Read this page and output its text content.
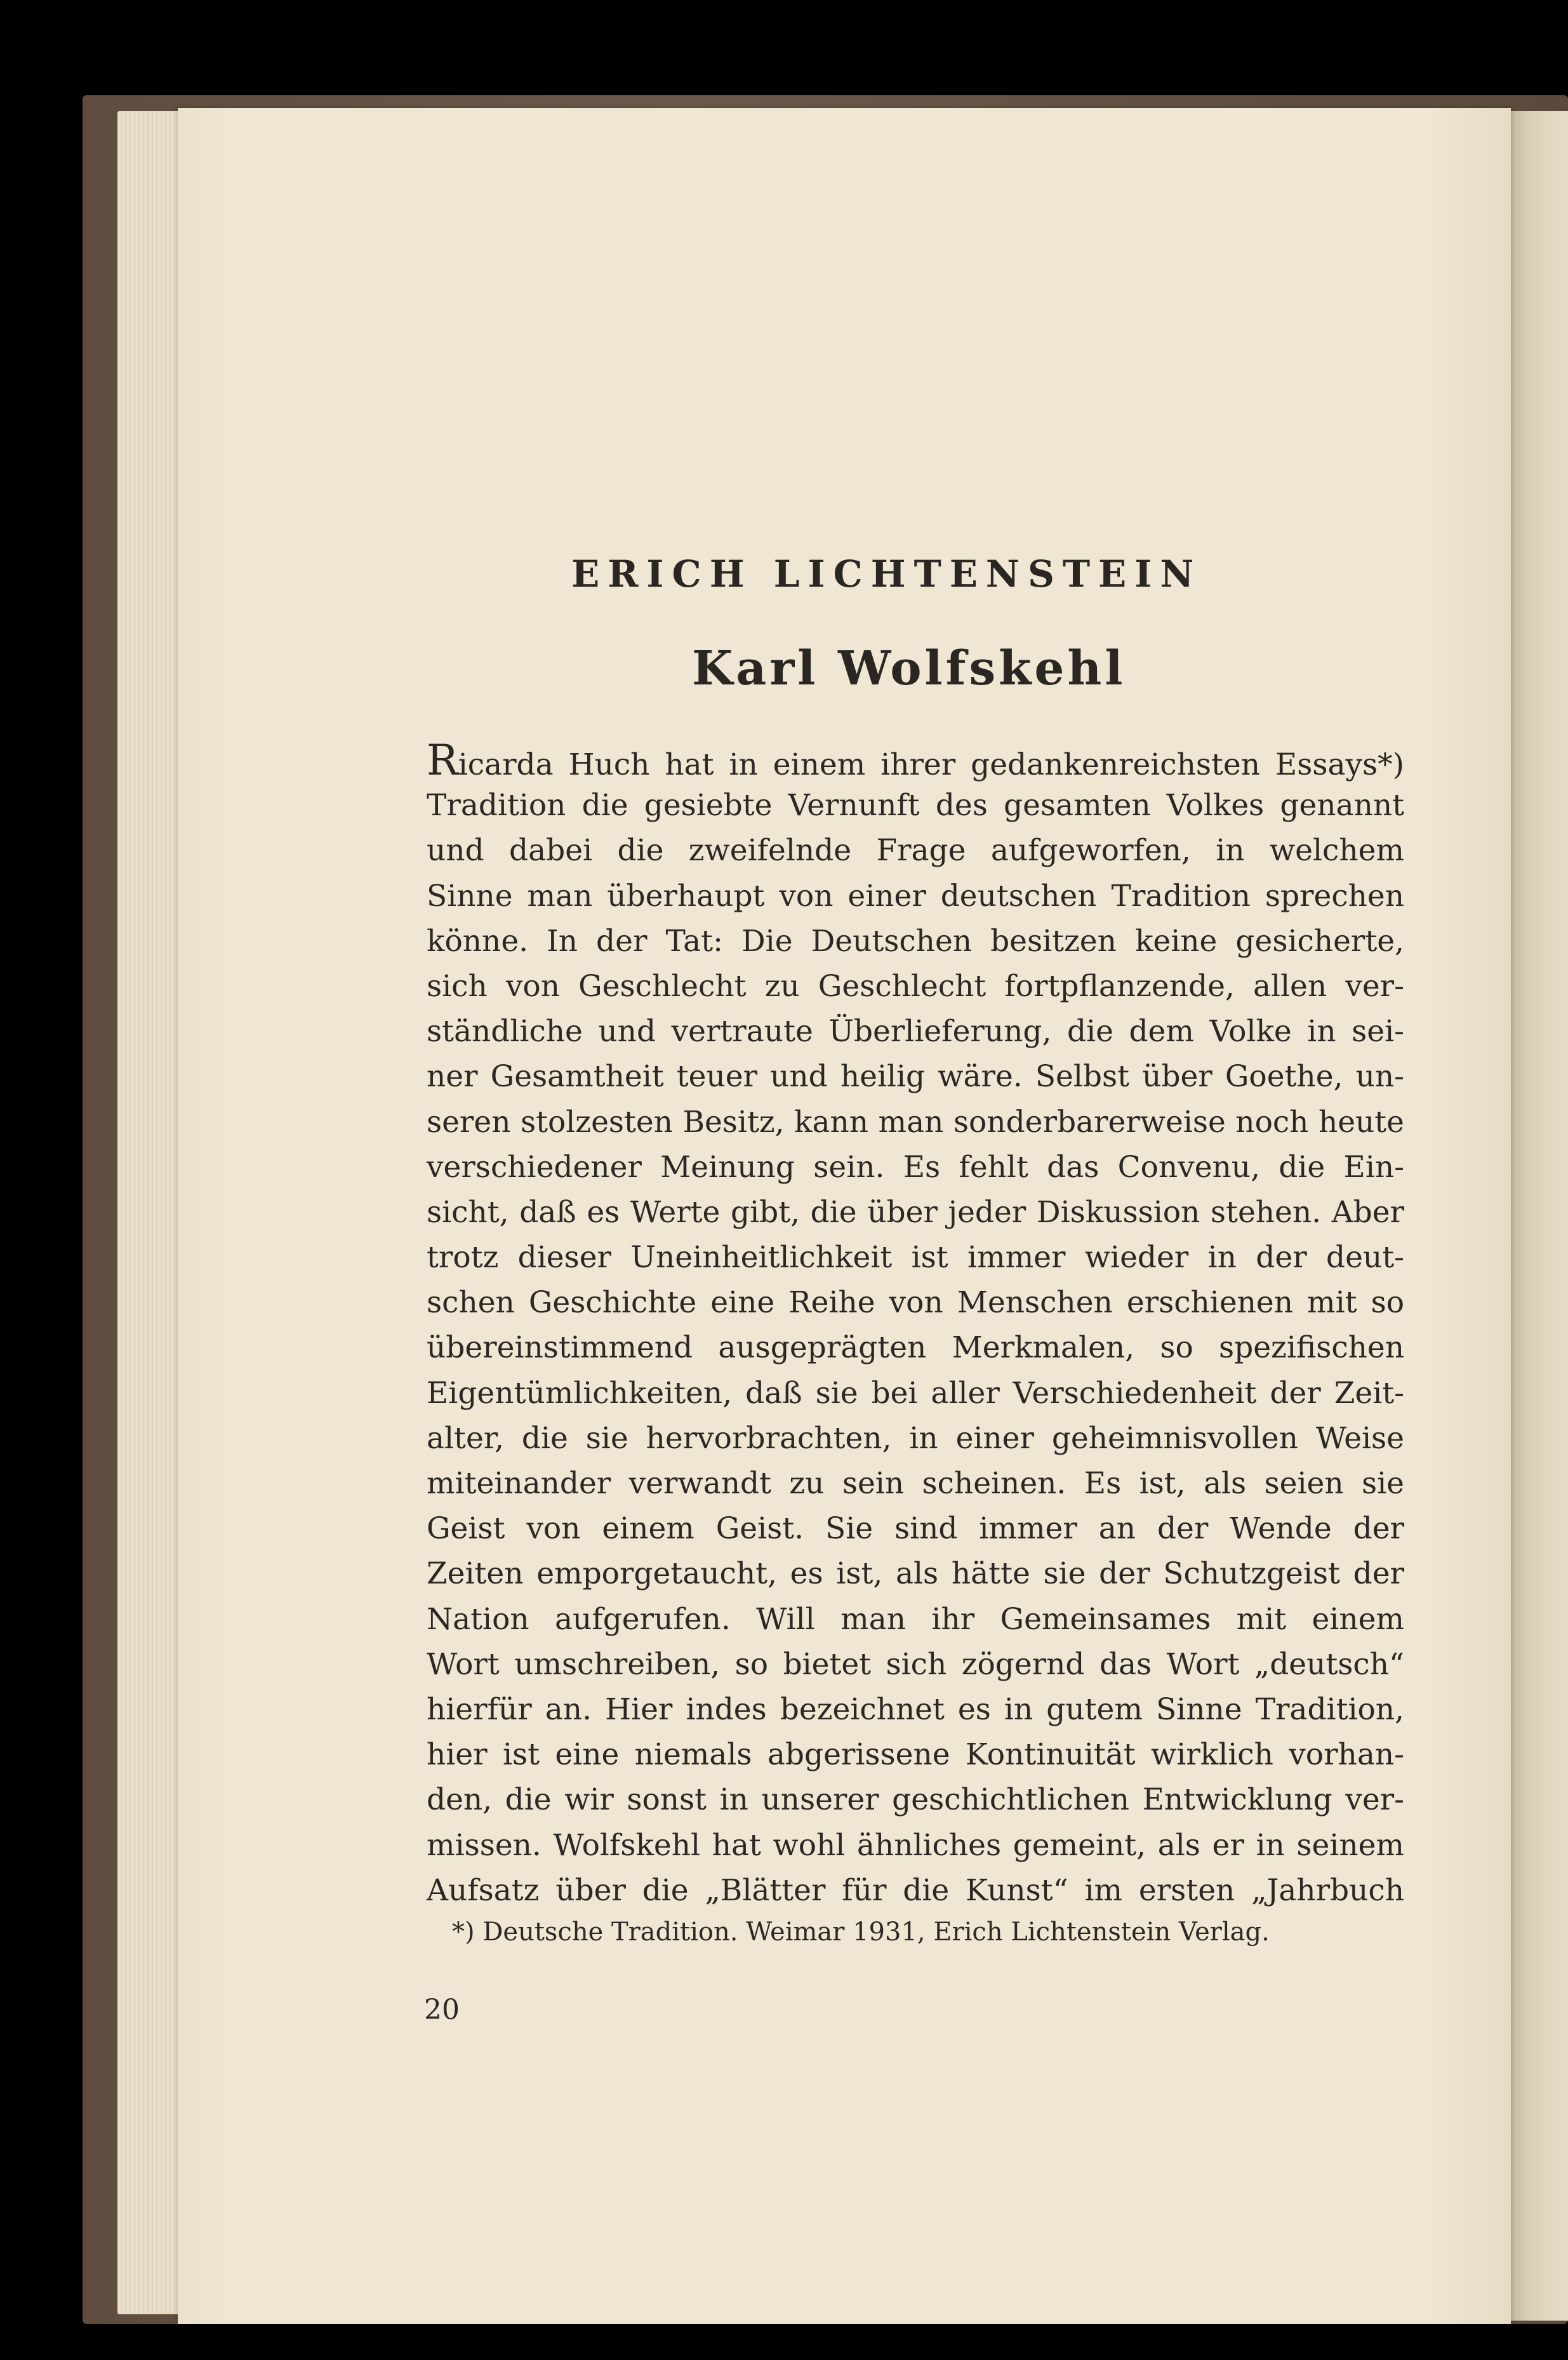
ERICH LICHTENSTEIN
Karl Wolfskehl
Ricarda Huch hat in einem ihrer gedankenreichsten Essays*)
Tradition die gesiebte Vernunft des gesamten Volkes genannt
und dabei die zweifelnde Frage aufgeworfen, in welchem
Sinne man überhaupt von einer deutschen Tradition sprechen
könne. In der Tat: Die Deutschen besitzen keine gesicherte,
sich von Geschlecht zu Geschlecht fortpflanzende, allen ver-
ständliche und vertraute Überlieferung, die dem Volke in sei-
ner Gesamtheit teuer und heilig wäre. Selbst über Goethe, un-
seren stolzesten Besitz, kann man sonderbarerweise noch heute
verschiedener Meinung sein. Es fehlt das Convenu, die Ein-
sicht, daß es Werte gibt, die über jeder Diskussion stehen. Aber
trotz dieser Uneinheitlichkeit ist immer wieder in der deut-
schen Geschichte eine Reihe von Menschen erschienen mit so
übereinstimmend ausgeprägten Merkmalen, so spezifischen
Eigentümlichkeiten, daß sie bei aller Verschiedenheit der Zeit-
alter, die sie hervorbrachten, in einer geheimnisvollen Weise
miteinander verwandt zu sein scheinen. Es ist, als seien sie
Geist von einem Geist. Sie sind immer an der Wende der
Zeiten emporgetaucht, es ist, als hätte sie der Schutzgeist der
Nation aufgerufen. Will man ihr Gemeinsames mit einem
Wort umschreiben, so bietet sich zögernd das Wort „deutsch“
hierfür an. Hier indes bezeichnet es in gutem Sinne Tradition,
hier ist eine niemals abgerissene Kontinuität wirklich vorhan-
den, die wir sonst in unserer geschichtlichen Entwicklung ver-
missen. Wolfskehl hat wohl ähnliches gemeint, als er in seinem
Aufsatz über die „Blätter für die Kunst“ im ersten „Jahrbuch

*) Deutsche Tradition. Weimar 1931, Erich Lichtenstein Verlag.

20
